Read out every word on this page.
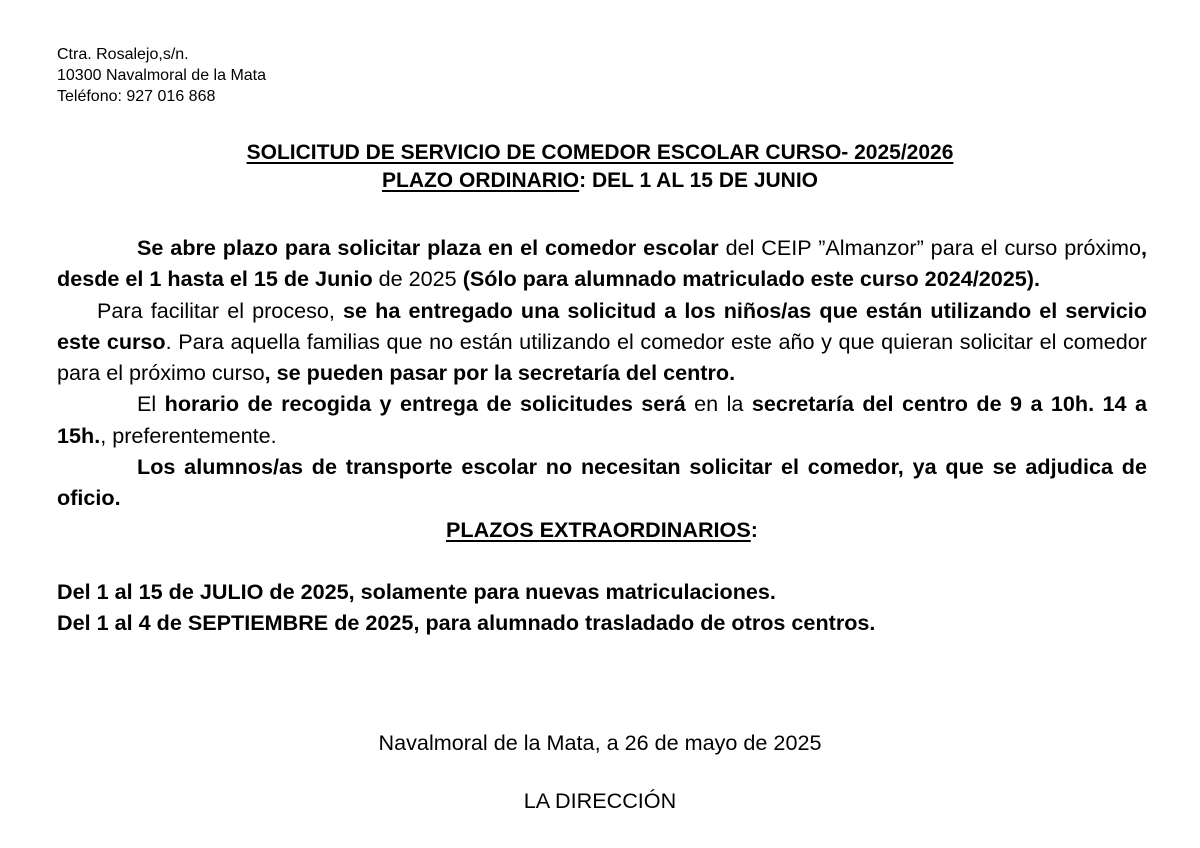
Ctra. Rosalejo,s/n.
10300 Navalmoral de la Mata
Teléfono: 927 016 868
SOLICITUD DE SERVICIO DE COMEDOR ESCOLAR CURSO- 2025/2026
PLAZO ORDINARIO: DEL 1 AL 15 DE JUNIO

Se abre plazo para solicitar plaza en el comedor escolar del CEIP ”Almanzor” para el curso próximo, desde el 1 hasta el 15 de Junio de 2025 (Sólo para alumnado matriculado este curso 2024/2025).

Para facilitar el proceso, se ha entregado una solicitud a los niños/as que están utilizando el servicio este curso. Para aquella familias que no están utilizando el comedor este año y que quieran solicitar el comedor para el próximo curso, se pueden pasar por la secretaría del centro.

El horario de recogida y entrega de solicitudes será en la secretaría del centro de 9 a 10h. 14 a 15h., preferentemente.

Los alumnos/as de transporte escolar no necesitan solicitar el comedor, ya que se adjudica de oficio.

PLAZOS EXTRAORDINARIOS:

Del 1 al 15 de JULIO de 2025, solamente para nuevas matriculaciones.

Del 1 al 4 de SEPTIEMBRE de 2025, para alumnado trasladado de otros centros.

Navalmoral de la Mata, a 26 de mayo de 2025
LA DIRECCIÓN
